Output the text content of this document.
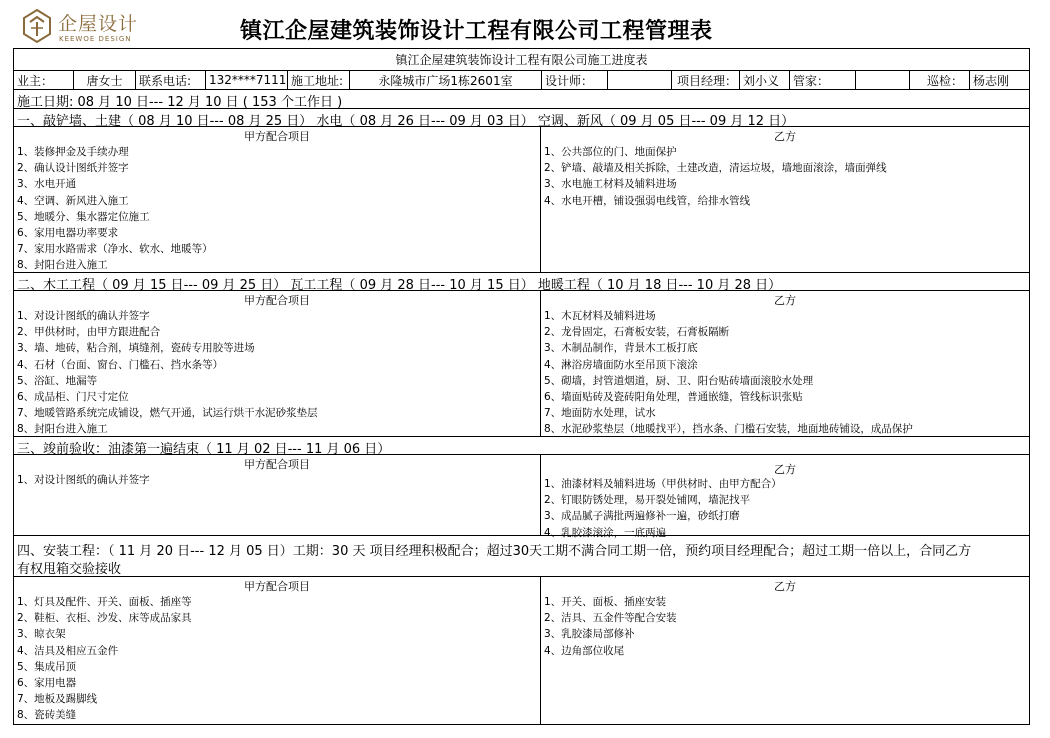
企屋设计
KEEWOE DESIGN	镇江企屋建筑装饰设计工程有限公司工程管理表
镇江企屋建筑装饰设计工程有限公司施工进度表
业主：	唐女士	联系电话:	132****7111 施工地址:	永隆城市广场1栋2601室	设计师：	项目经理： 刘小义	管家：	巡检： 杨志刚
施工日期: 08 月 10 日--- 12 月 10 日 ( 153 个工作日 )
一、敲铲墙、土建（ 08 月 10 日--- 08 月 25 日） 水电（ 08 月 26 日--- 09 月 03 日） 空调、新风（ 09 月 05 日--- 09 月 12 日）
甲方配合项目
1、装修押金及手续办理
2、确认设计图纸并签字
3、水电开通
4、空调、新风进入施工
5、地暖分、集水器定位施工
6、家用电器功率要求
7、家用水路需求（净水、软水、地暖等）
8、封阳台进入施工
乙方
1、公共部位的门、地面保护
2、铲墙、敲墙及相关拆除，土建改造，清运垃圾，墙地面滚涂，墙面弹线
3、水电施工材料及辅料进场
4、水电开槽，铺设强弱电线管，给排水管线
二、木工工程（ 09 月 15 日--- 09 月 25 日） 瓦工工程（ 09 月 28 日--- 10 月 15 日） 地暖工程（ 10 月 18 日--- 10 月 28 日）
甲方配合项目
1、对设计图纸的确认并签字
2、甲供材时，由甲方跟进配合
3、墙、地砖，粘合剂，填缝剂，瓷砖专用胶等进场
4、石材（台面、窗台、门槛石、挡水条等）
5、浴缸、地漏等
6、成品柜、门尺寸定位
7、地暖管路系统完成铺设，燃气开通，试运行烘干水泥砂浆垫层
8、封阳台进入施工
乙方
1、木瓦材料及辅料进场
2、龙骨固定，石膏板安装，石膏板隔断
3、木制品制作，背景木工板打底
4、淋浴房墙面防水至吊顶下滚涂
5、砌墙，封管道烟道，厨、卫、阳台贴砖墙面滚胶水处理
6、墙面贴砖及瓷砖阳角处理，普通嵌缝，管线标识张贴
7、地面防水处理，试水
8、水泥砂浆垫层（地暖找平），挡水条、门槛石安装，地面地砖铺设，成品保护
三、竣前验收：油漆第一遍结束（ 11 月 02 日--- 11 月 06 日）
甲方配合项目
1、对设计图纸的确认并签字
乙方
1、油漆材料及辅料进场（甲供材时、由甲方配合）
2、钉眼防锈处理，易开裂处铺网，墙泥找平
3、成品腻子满批两遍修补一遍，砂纸打磨
4、乳胶漆滚涂，一底两遍
四、安装工程：（ 11 月 20 日--- 12 月 05 日）工期：30 天 项目经理积极配合；超过30天工期不满合同工期一倍，预约项目经理配合；超过工期一倍以上，合同乙方
有权甩箱交验接收
甲方配合项目
1、灯具及配件、开关、面板、插座等
2、鞋柜、衣柜、沙发、床等成品家具
3、晾衣架
4、洁具及相应五金件
5、集成吊顶
6、家用电器
7、地板及踢脚线
8、瓷砖美缝
乙方
1、开关、面板、插座安装
2、洁具、五金件等配合安装
3、乳胶漆局部修补
4、边角部位收尾
